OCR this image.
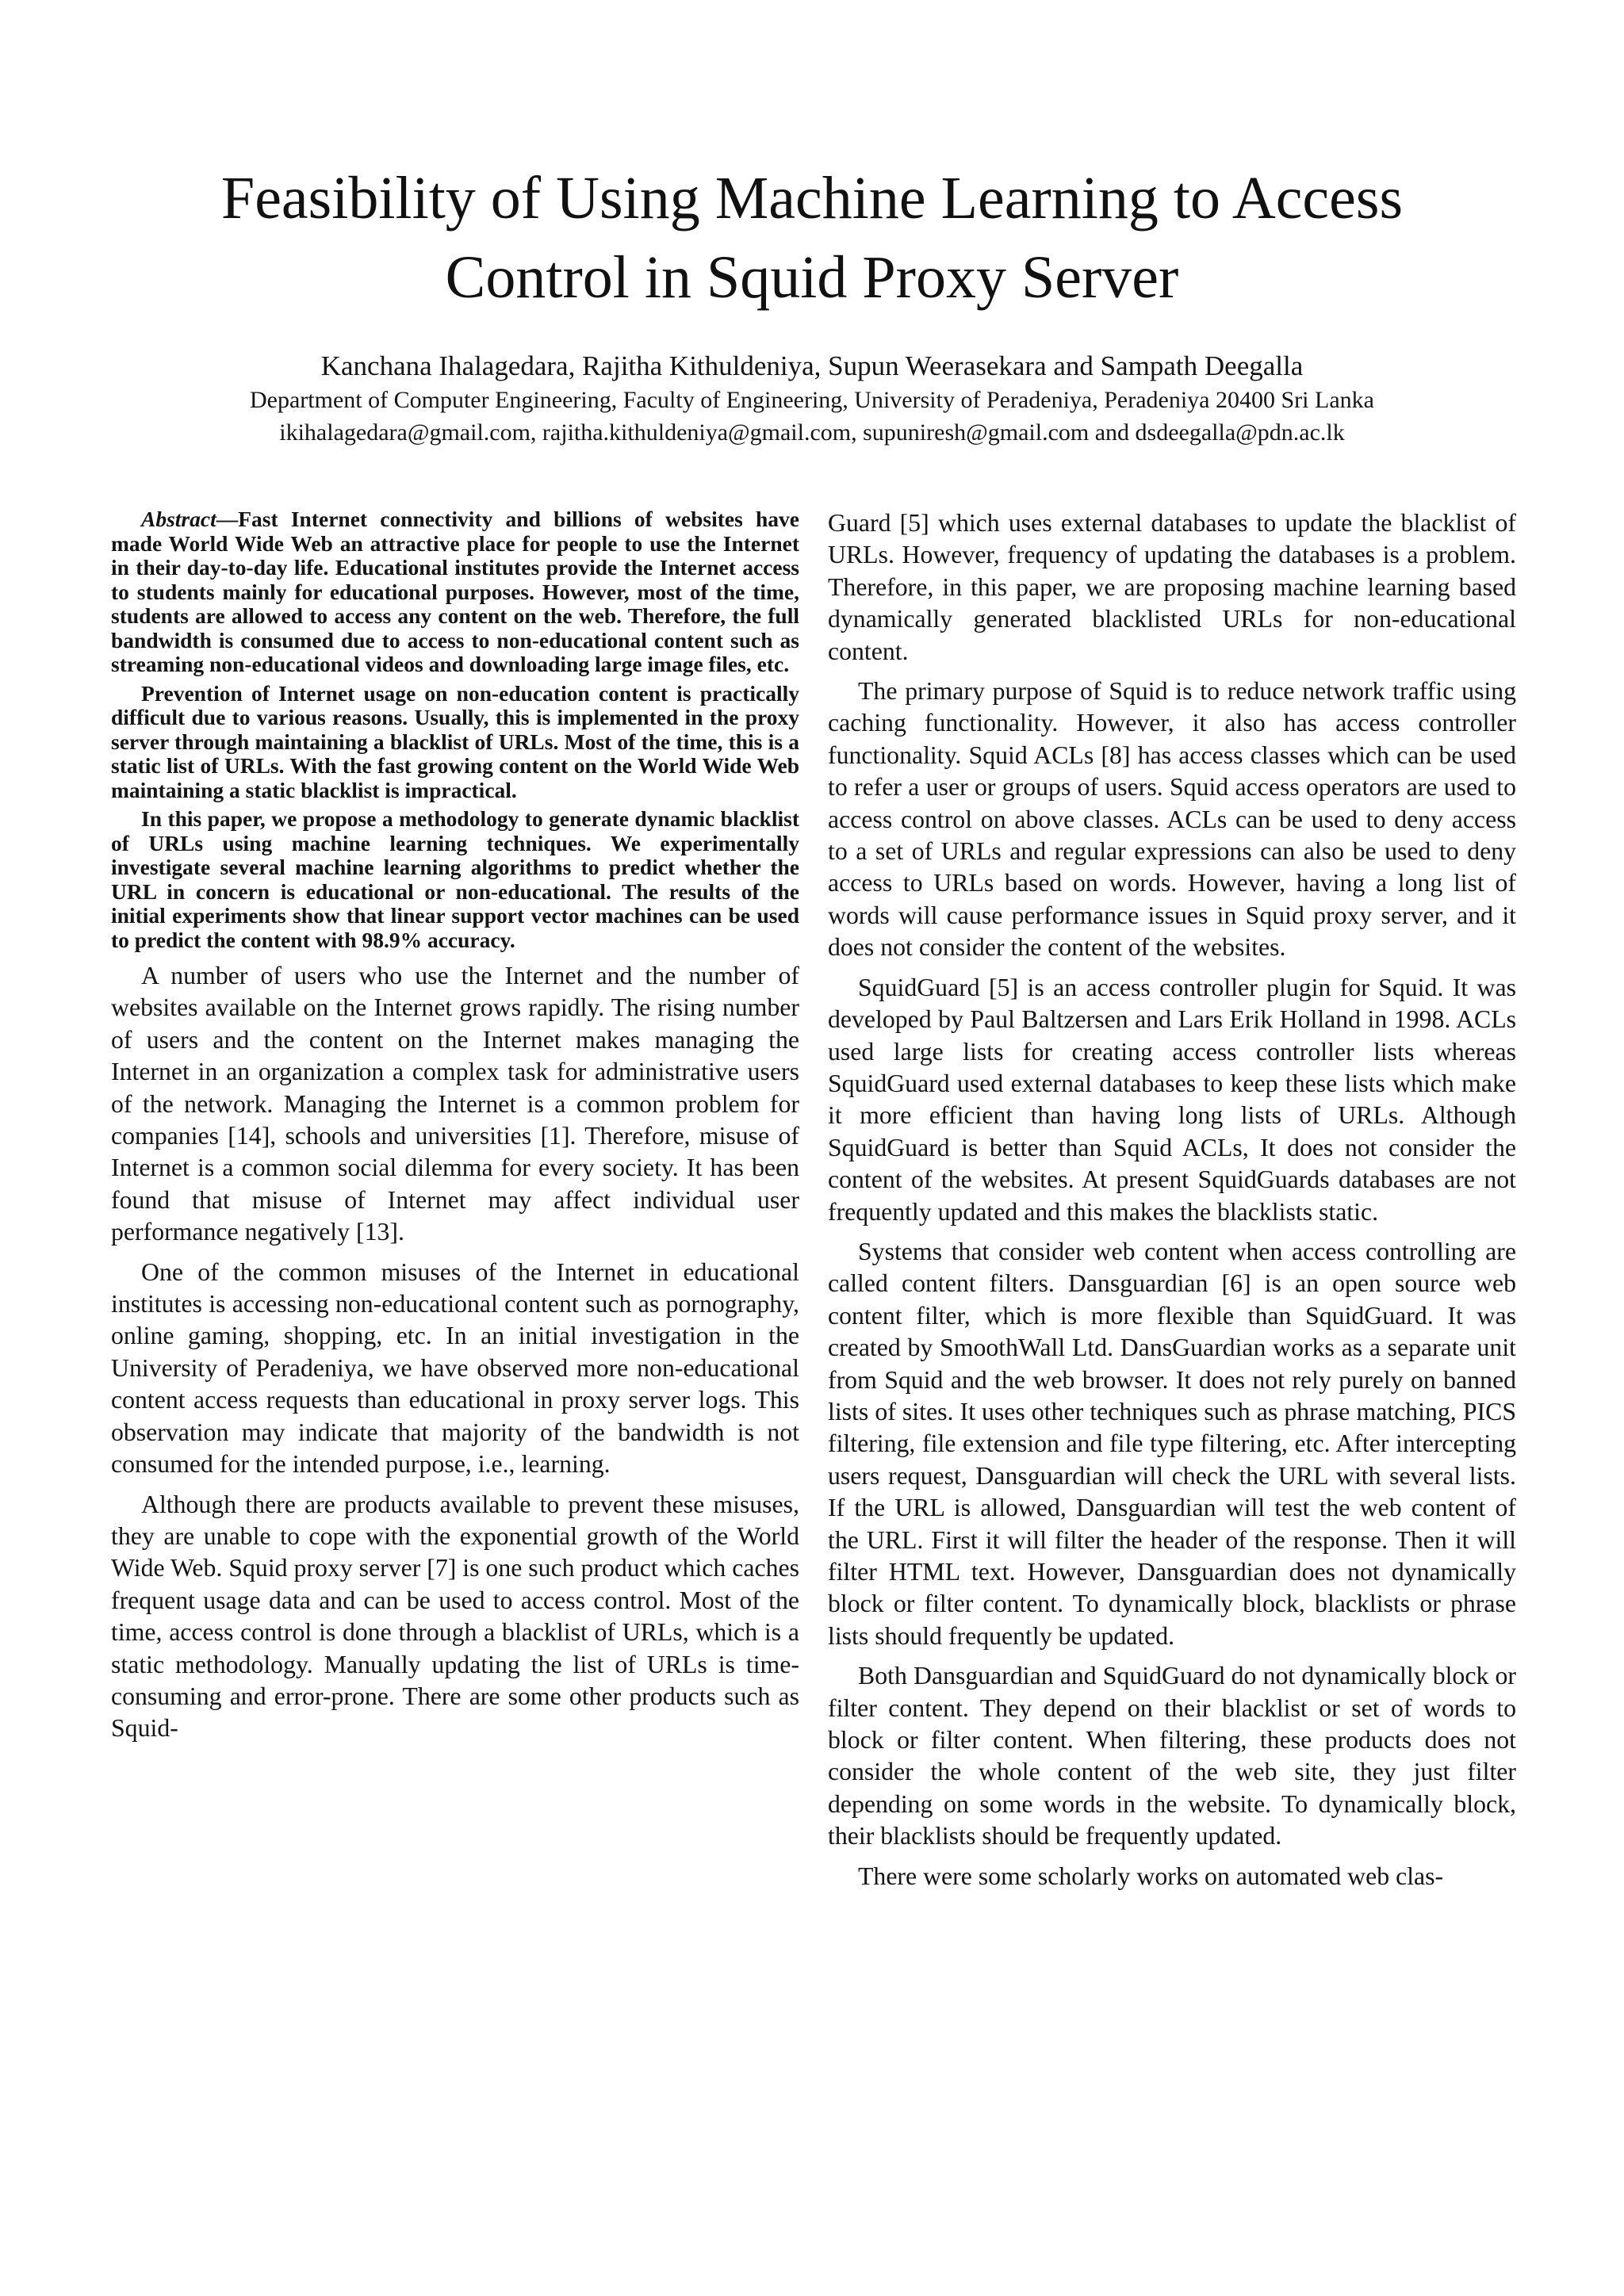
Feasibility of Using Machine Learning to Access
Control in Squid Proxy Server
Kanchana Ihalagedara, Rajitha Kithuldeniya, Supun Weerasekara and Sampath Deegalla
Department of Computer Engineering, Faculty of Engineering, University of Peradeniya, Peradeniya 20400 Sri Lanka
ikihalagedara@gmail.com, rajitha.kithuldeniya@gmail.com, supuniresh@gmail.com and dsdeegalla@pdn.ac.lk

Abstract—Fast Internet connectivity and billions of websites have made World Wide Web an attractive place for people to use the Internet in their day-to-day life. Educational institutes provide the Internet access to students mainly for educational purposes. However, most of the time, students are allowed to access any content on the web. Therefore, the full bandwidth is consumed due to access to non-educational content such as streaming non-educational videos and downloading large image files, etc.

Prevention of Internet usage on non-education content is practically difficult due to various reasons. Usually, this is implemented in the proxy server through maintaining a blacklist of URLs. Most of the time, this is a static list of URLs. With the fast growing content on the World Wide Web maintaining a static blacklist is impractical.

In this paper, we propose a methodology to generate dynamic blacklist of URLs using machine learning techniques. We experimentally investigate several machine learning algorithms to predict whether the URL in concern is educational or non-educational. The results of the initial experiments show that linear support vector machines can be used to predict the content with 98.9% accuracy.

A number of users who use the Internet and the number of websites available on the Internet grows rapidly. The rising number of users and the content on the Internet makes managing the Internet in an organization a complex task for administrative users of the network. Managing the Internet is a common problem for companies [14], schools and universities [1]. Therefore, misuse of Internet is a common social dilemma for every society. It has been found that misuse of Internet may affect individual user performance negatively [13].

One of the common misuses of the Internet in educational institutes is accessing non-educational content such as pornography, online gaming, shopping, etc. In an initial investigation in the University of Peradeniya, we have observed more non-educational content access requests than educational in proxy server logs. This observation may indicate that majority of the bandwidth is not consumed for the intended purpose, i.e., learning.

Although there are products available to prevent these misuses, they are unable to cope with the exponential growth of the World Wide Web. Squid proxy server [7] is one such product which caches frequent usage data and can be used to access control. Most of the time, access control is done through a blacklist of URLs, which is a static methodology. Manually updating the list of URLs is time-consuming and error-prone. There are some other products such as Squid-

Guard [5] which uses external databases to update the blacklist of URLs. However, frequency of updating the databases is a problem. Therefore, in this paper, we are proposing machine learning based dynamically generated blacklisted URLs for non-educational content.

The primary purpose of Squid is to reduce network traffic using caching functionality. However, it also has access controller functionality. Squid ACLs [8] has access classes which can be used to refer a user or groups of users. Squid access operators are used to access control on above classes. ACLs can be used to deny access to a set of URLs and regular expressions can also be used to deny access to URLs based on words. However, having a long list of words will cause performance issues in Squid proxy server, and it does not consider the content of the websites.

SquidGuard [5] is an access controller plugin for Squid. It was developed by Paul Baltzersen and Lars Erik Holland in 1998. ACLs used large lists for creating access controller lists whereas SquidGuard used external databases to keep these lists which make it more efficient than having long lists of URLs. Although SquidGuard is better than Squid ACLs, It does not consider the content of the websites. At present SquidGuards databases are not frequently updated and this makes the blacklists static.

Systems that consider web content when access controlling are called content filters. Dansguardian [6] is an open source web content filter, which is more flexible than SquidGuard. It was created by SmoothWall Ltd. DansGuardian works as a separate unit from Squid and the web browser. It does not rely purely on banned lists of sites. It uses other techniques such as phrase matching, PICS filtering, file extension and file type filtering, etc. After intercepting users request, Dansguardian will check the URL with several lists. If the URL is allowed, Dansguardian will test the web content of the URL. First it will filter the header of the response. Then it will filter HTML text. However, Dansguardian does not dynamically block or filter content. To dynamically block, blacklists or phrase lists should frequently be updated.

Both Dansguardian and SquidGuard do not dynamically block or filter content. They depend on their blacklist or set of words to block or filter content. When filtering, these products does not consider the whole content of the web site, they just filter depending on some words in the website. To dynamically block, their blacklists should be frequently updated.

There were some scholarly works on automated web clas-
